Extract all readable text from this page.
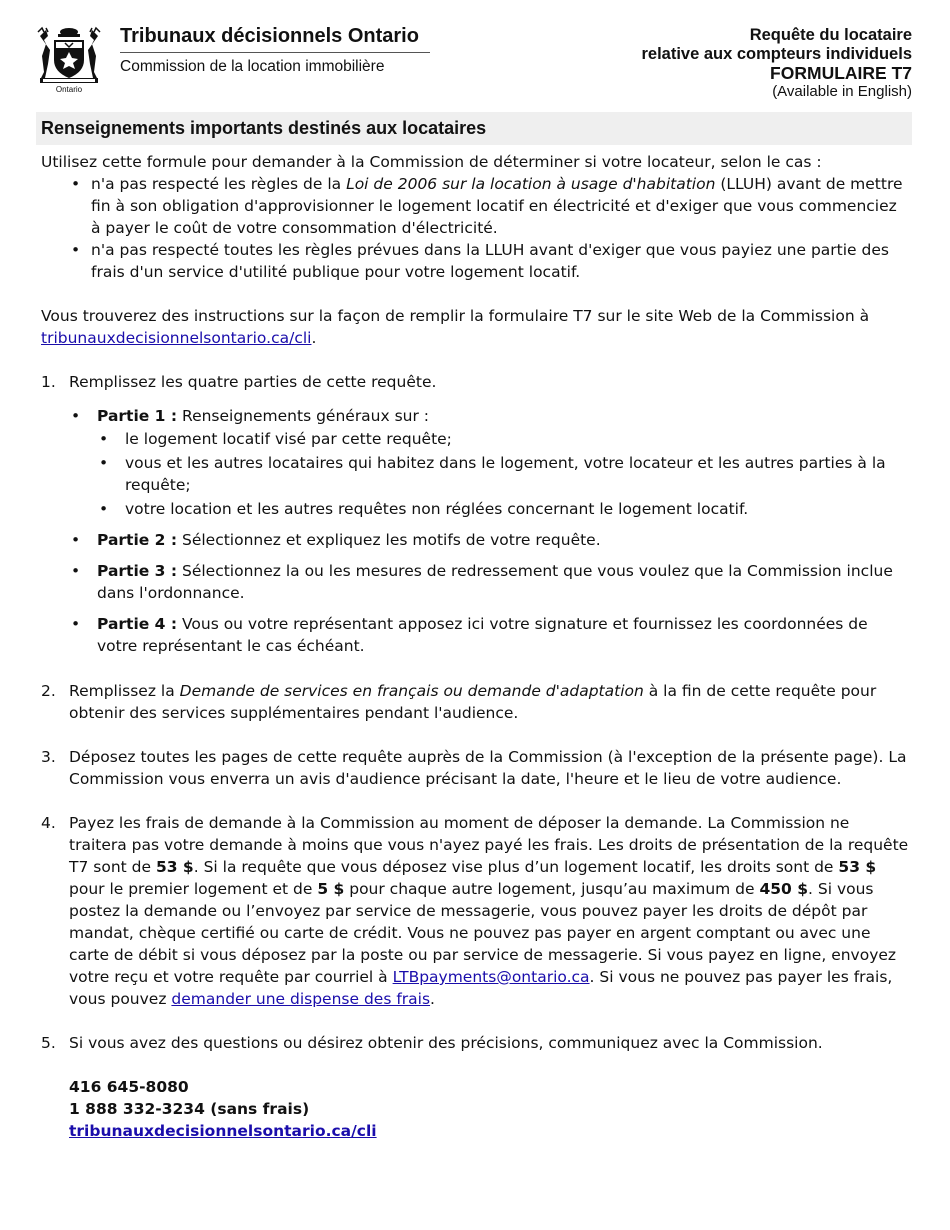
Ontario
Tribunaux décisionnels Ontario
Commission de la location immobilière
Requête du locataire
relative aux compteurs individuels
FORMULAIRE T7
(Available in English)
Renseignements importants destinés aux locataires

Utilisez cette formule pour demander à la Commission de déterminer si votre locateur, selon le cas :

• n'a pas respecté les règles de la Loi de 2006 sur la location à usage d'habitation (LLUH) avant de mettre fin à son obligation d'approvisionner le logement locatif en électricité et d'exiger que vous commenciez à payer le coût de votre consommation d'électricité.
• n'a pas respecté toutes les règles prévues dans la LLUH avant d'exiger que vous payiez une partie des frais d'un service d'utilité publique pour votre logement locatif.

Vous trouverez des instructions sur la façon de remplir la formulaire T7 sur le site Web de la Commission à
tribunauxdecisionnelsontario.ca/cli.

1. Remplissez les quatre parties de cette requête.

• Partie 1 : Renseignements généraux sur :
• le logement locatif visé par cette requête;
• vous et les autres locataires qui habitez dans le logement, votre locateur et les autres parties à la requête;
• votre location et les autres requêtes non réglées concernant le logement locatif.
• Partie 2 : Sélectionnez et expliquez les motifs de votre requête.
• Partie 3 : Sélectionnez la ou les mesures de redressement que vous voulez que la Commission inclue dans l'ordonnance.
• Partie 4 : Vous ou votre représentant apposez ici votre signature et fournissez les coordonnées de votre représentant le cas échéant.
2. Remplissez la Demande de services en français ou demande d'adaptation à la fin de cette requête pour obtenir des services supplémentaires pendant l'audience.

3. Déposez toutes les pages de cette requête auprès de la Commission (à l'exception de la présente page). La Commission vous enverra un avis d'audience précisant la date, l'heure et le lieu de votre audience.

4. Payez les frais de demande à la Commission au moment de déposer la demande. La Commission ne traitera pas votre demande à moins que vous n'ayez payé les frais. Les droits de présentation de la requête T7 sont de 53 $. Si la requête que vous déposez vise plus d’un logement locatif, les droits sont de 53 $ pour le premier logement et de 5 $ pour chaque autre logement, jusqu’au maximum de 450 $. Si vous postez la demande ou l’envoyez par service de messagerie, vous pouvez payer les droits de dépôt par mandat, chèque certifié ou carte de crédit. Vous ne pouvez pas payer en argent comptant ou avec une carte de débit si vous déposez par la poste ou par service de messagerie. Si vous payez en ligne, envoyez votre reçu et votre requête par courriel à LTBpayments@ontario.ca. Si vous ne pouvez pas payer les frais, vous pouvez demander une dispense des frais.

5. Si vous avez des questions ou désirez obtenir des précisions, communiquez avec la Commission.

416 645-8080
1 888 332-3234 (sans frais)
tribunauxdecisionnelsontario.ca/cli
